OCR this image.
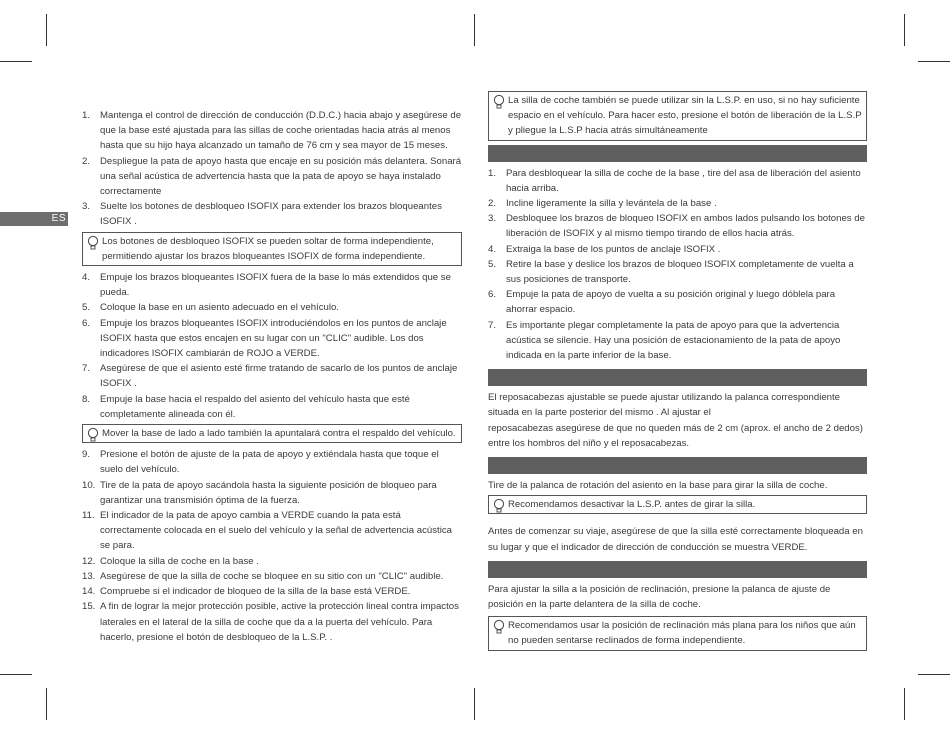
ES
1.	Mantenga el control de dirección de conducción (D.D.C.) hacia abajo y asegúrese de que la base esté ajustada para las sillas de coche orientadas hacia atrás al menos hasta que su hijo haya alcanzado un tamaño de 76 cm y sea mayor de 15 meses.
2.	Despliegue la pata de apoyo hasta que encaje en su posición más delantera. Sonará una señal acústica de advertencia hasta que la pata de apoyo se haya instalado correctamente
3.	Suelte los botones de desbloqueo ISOFIX para extender los brazos bloqueantes ISOFIX .
Los botones de desbloqueo ISOFIX se pueden soltar de forma independiente, permitiendo ajustar los brazos bloqueantes ISOFIX de forma independiente.
4.	Empuje los brazos bloqueantes ISOFIX fuera de la base lo más extendidos que se pueda.
5.	Coloque la base en un asiento adecuado en el vehículo.
6.	Empuje los brazos bloqueantes ISOFIX introduciéndolos en los puntos de anclaje ISOFIX hasta que estos encajen en su lugar con un "CLIC" audible. Los dos indicadores ISOFIX cambiarán de ROJO a VERDE.
7.	Asegúrese de que el asiento esté firme tratando de sacarlo de los puntos de anclaje ISOFIX .
8.	Empuje la base hacia el respaldo del asiento del vehículo hasta que esté completamente alineada con él.
Mover la base de lado a lado también la apuntalará contra el respaldo del vehículo.
9.	Presione el botón de ajuste de la pata de apoyo y extiéndala hasta que toque el suelo del vehículo.
10. Tire de la pata de apoyo sacándola hasta la siguiente posición de bloqueo para garantizar una transmisión óptima de la fuerza.
11. El indicador de la pata de apoyo cambia a VERDE cuando la pata está correctamente colocada en el suelo del vehículo y la señal de advertencia acústica se para.
12. Coloque la silla de coche en la base .
13. Asegúrese de que la silla de coche se bloquee en su sitio con un "CLIC" audible.
14. Compruebe si el indicador de bloqueo de la silla de la base está VERDE.
15. A fin de lograr la mejor protección posible, active la protección lineal contra impactos laterales en el lateral de la silla de coche que da a la puerta del vehículo. Para hacerlo, presione el botón de desbloqueo de la L.S.P. .
La silla de coche también se puede utilizar sin la L.S.P. en uso, si no hay suficiente espacio en el vehículo. Para hacer esto, presione el botón de liberación de la L.S.P y pliegue la L.S.P hacia atrás simultáneamente
1.	Para desbloquear la silla de coche de la base , tire del asa de liberación del asiento hacia arriba.
2.	Incline ligeramente la silla y levántela de la base .
3.	Desbloquee los brazos de bloqueo ISOFIX en ambos lados pulsando los botones de liberación de ISOFIX y al mismo tiempo tirando de ellos hacia atrás.
4.	Extraiga la base de los puntos de anclaje ISOFIX .
5.	Retire la base y deslice los brazos de bloqueo ISOFIX completamente de vuelta a sus posiciones de transporte.
6.	Empuje la pata de apoyo de vuelta a su posición original y luego dóblela para ahorrar espacio.
7.	Es importante plegar completamente la pata de apoyo para que la advertencia acústica se silencie. Hay una posición de estacionamiento de la pata de apoyo indicada en la parte inferior de la base.

El reposacabezas ajustable se puede ajustar utilizando la palanca correspondiente situada en la parte posterior del mismo . Al ajustar el

reposacabezas asegúrese de que no queden más de 2 cm (aprox. el ancho de 2 dedos) entre los hombros del niño y el reposacabezas.

Tire de la palanca de rotación del asiento en la base para girar la silla de coche.

Recomendamos desactivar la L.S.P. antes de girar la silla.

Antes de comenzar su viaje, asegúrese de que la silla esté correctamente bloqueada en su lugar y que el indicador de dirección de conducción se muestra VERDE.

Para ajustar la silla a la posición de reclinación, presione la palanca de ajuste de posición en la parte delantera de la silla de coche.

Recomendamos usar la posición de reclinación más plana para los niños que aún no pueden sentarse reclinados de forma independiente.
